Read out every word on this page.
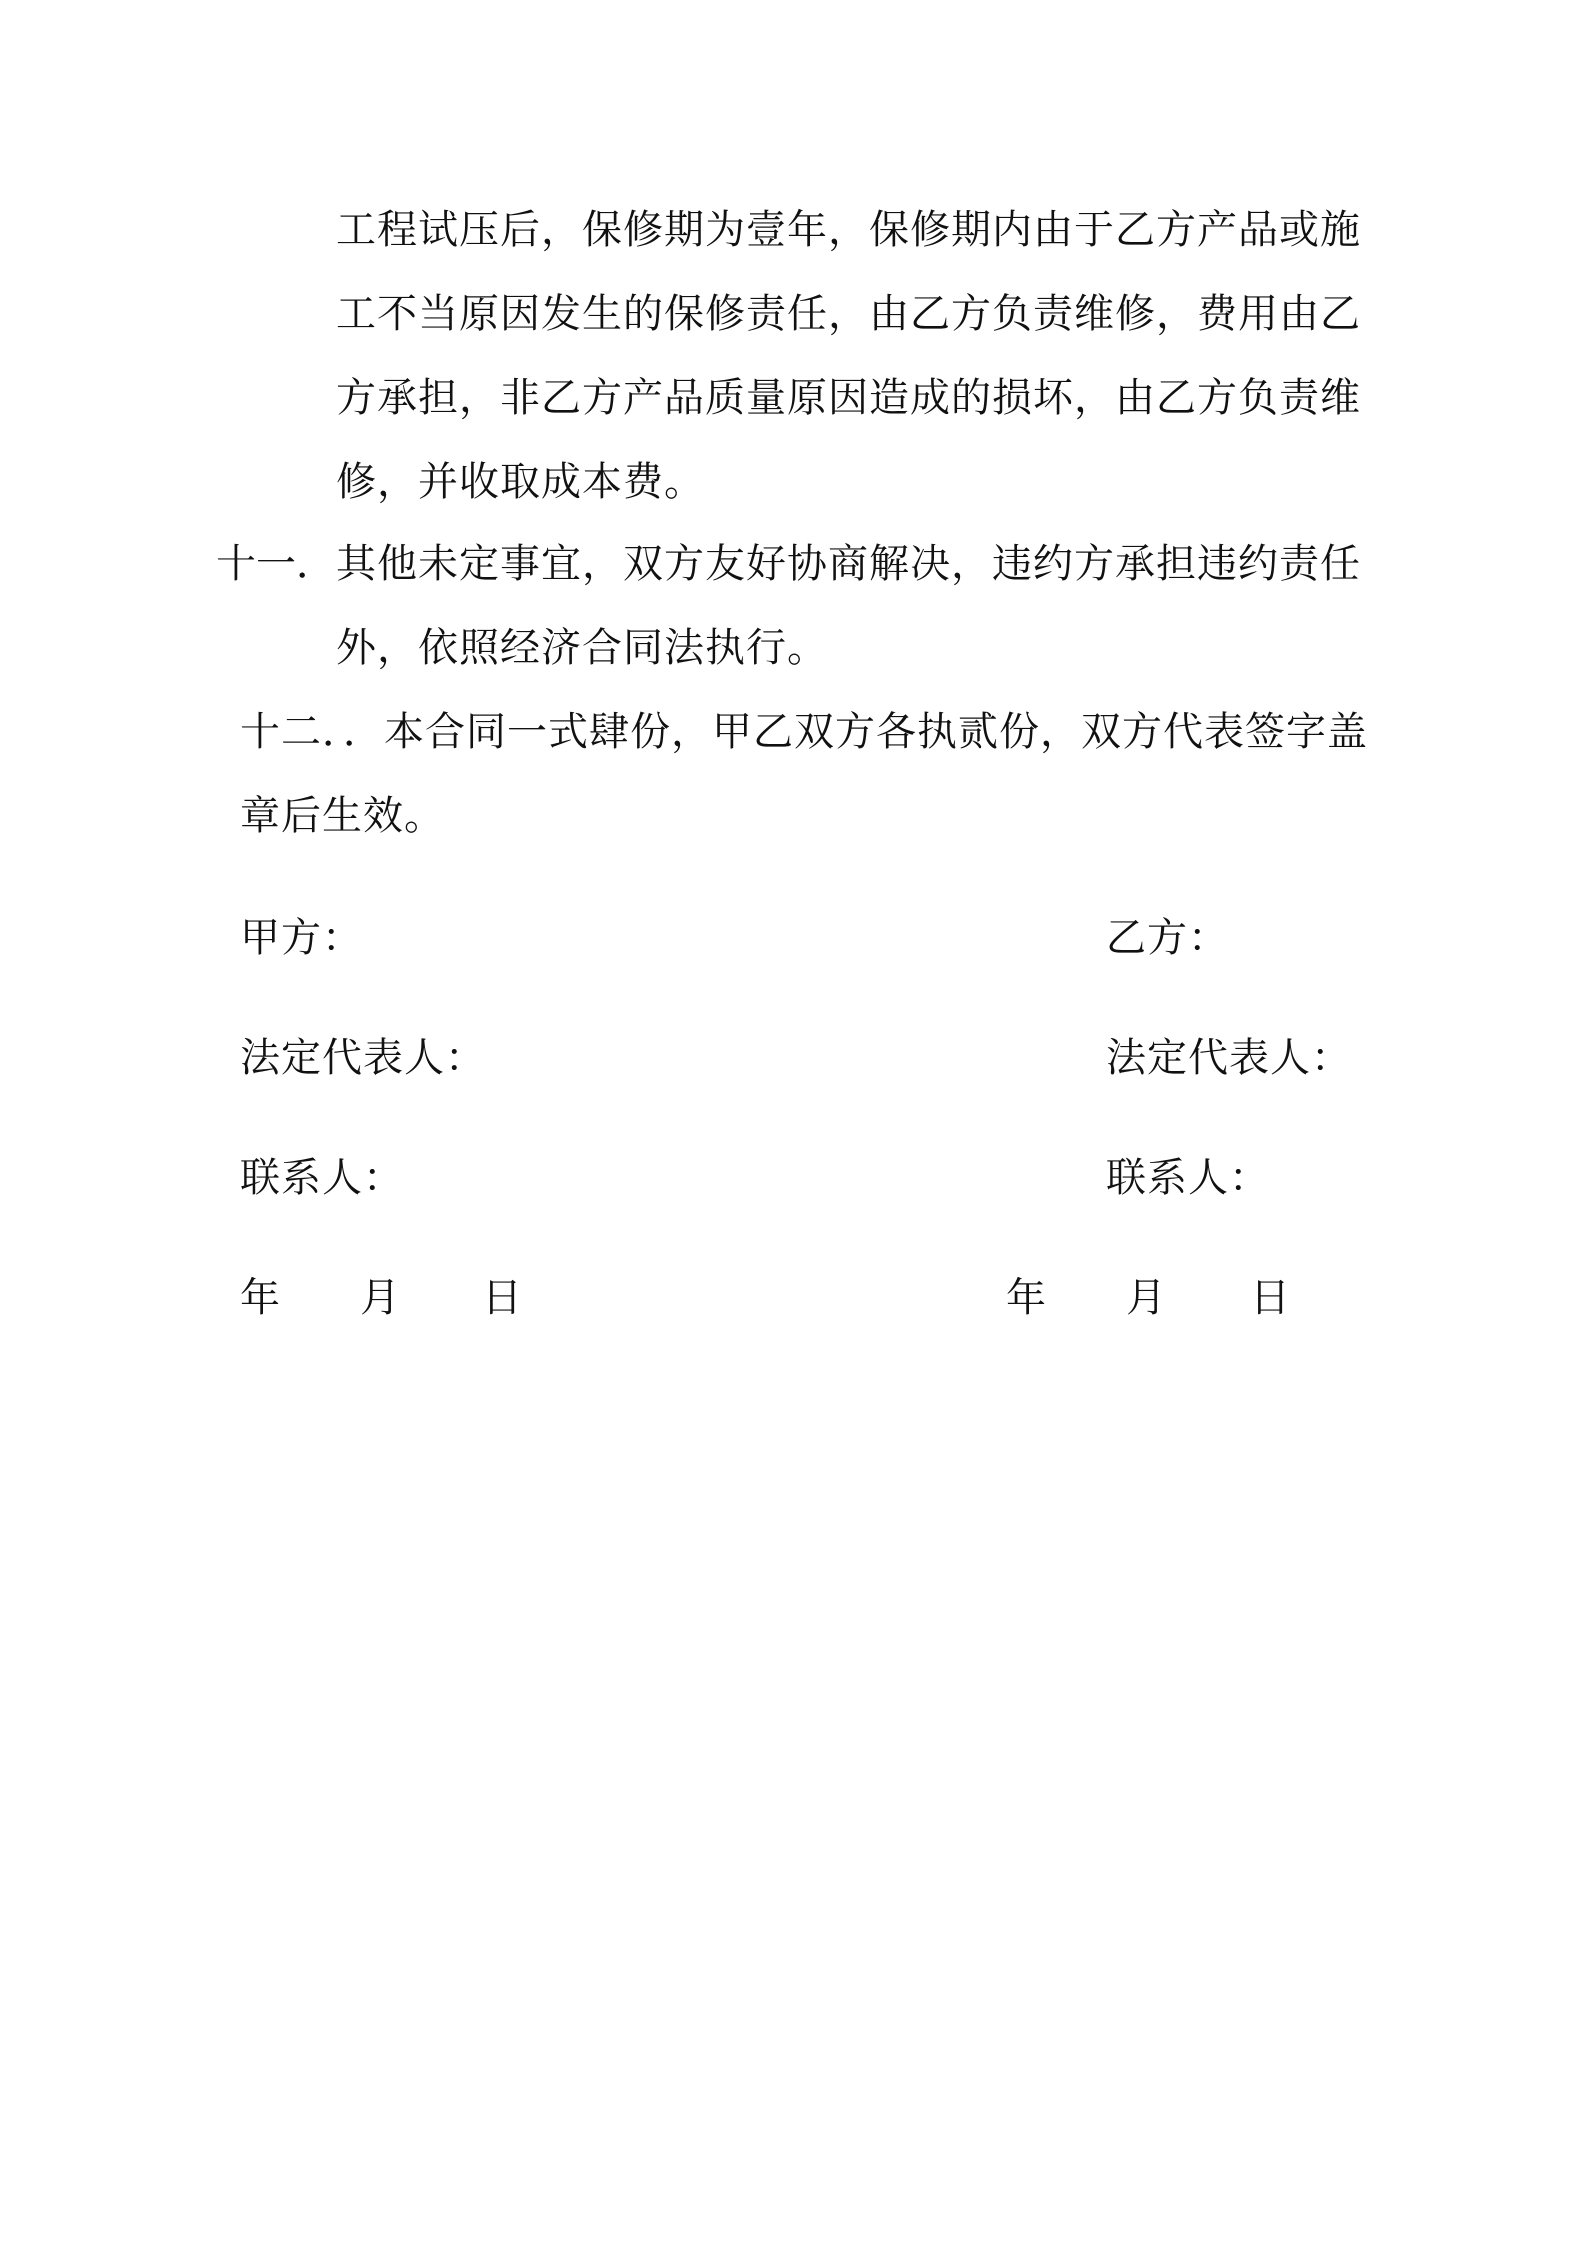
工程试压后，保修期为壹年，保修期内由于乙方产品或施
工不当原因发生的保修责任，由乙方负责维修，费用由乙
方承担，非乙方产品质量原因造成的损坏，由乙方负责维
修，并收取成本费。
十一． 其他未定事宜，双方友好协商解决，违约方承担违约责任
外，依照经济合同法执行。
十二．．本合同一式肆份，甲乙双方各执贰份，双方代表签字盖
章后生效。
甲方：
法定代表人：
联系人：
年 月 日
乙方：
法定代表人：
联系人：
年 月 日
